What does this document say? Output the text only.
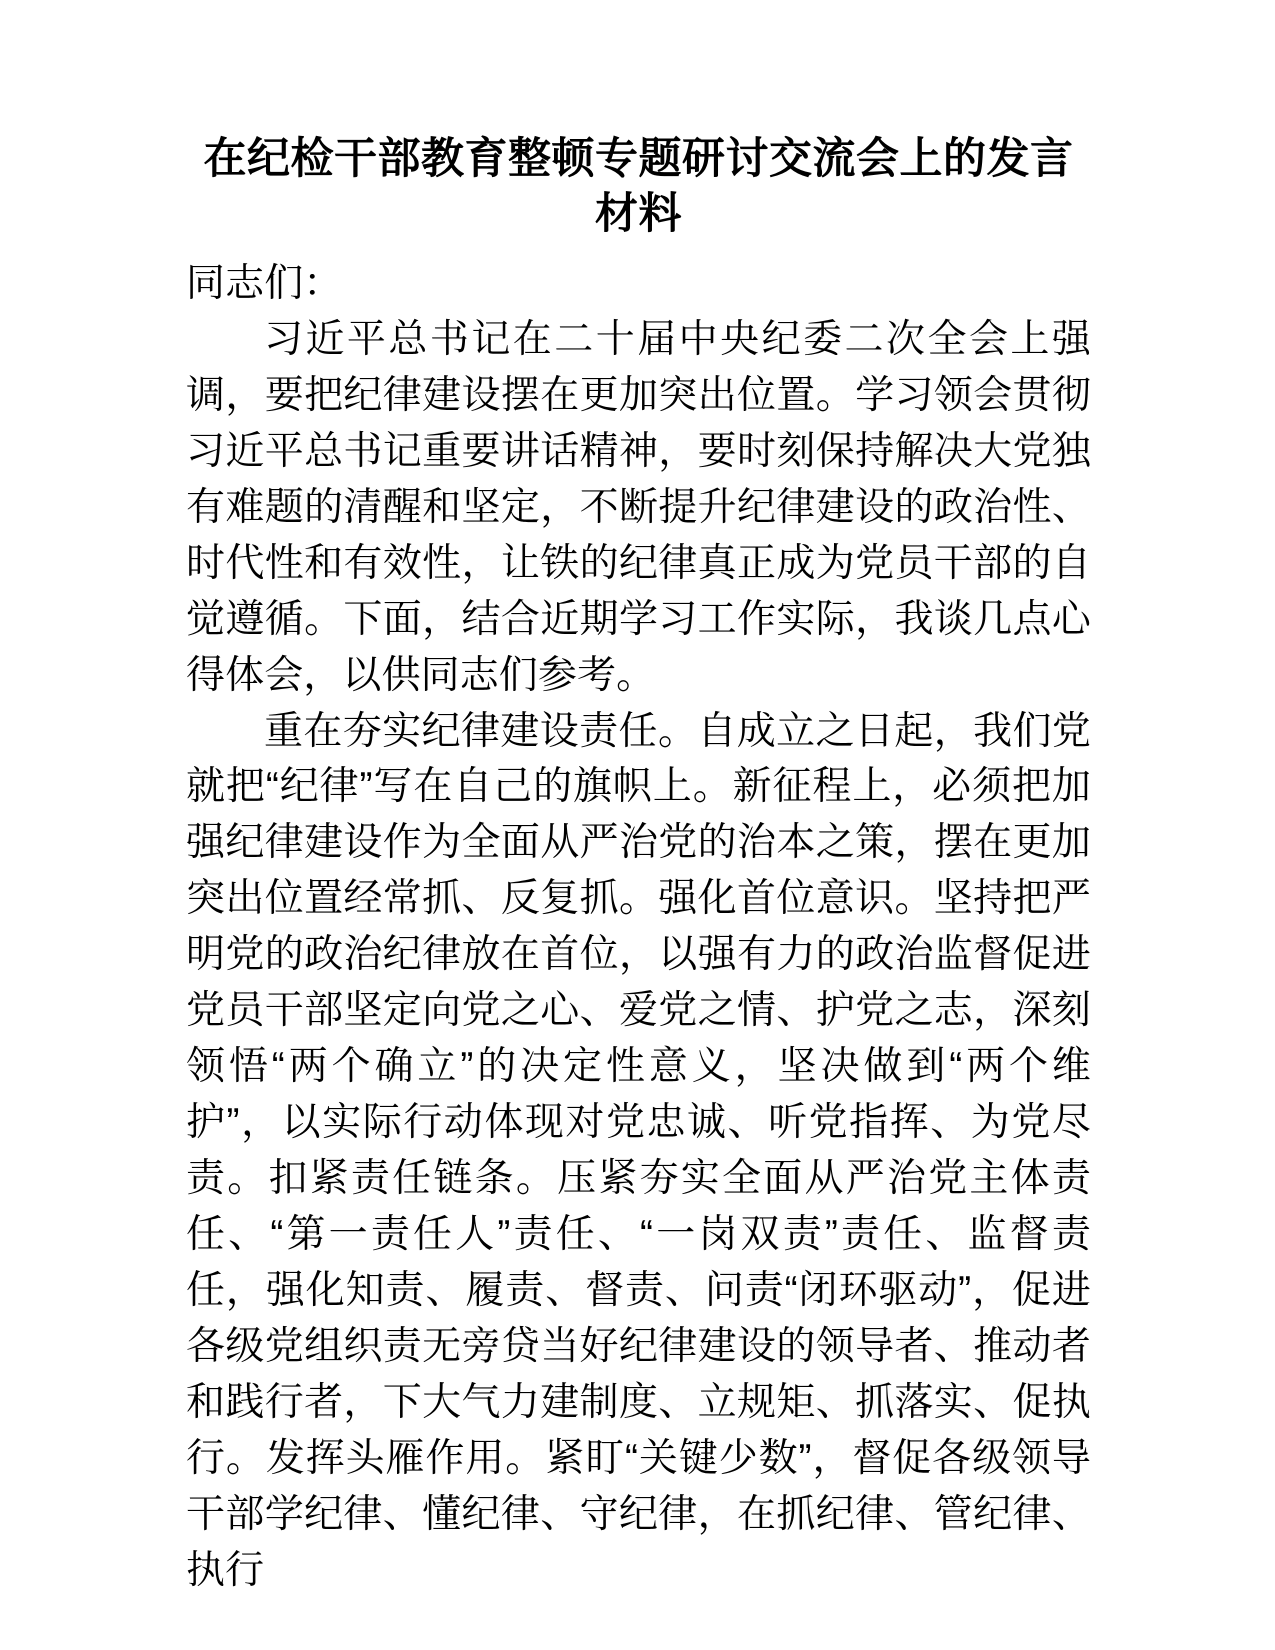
在纪检干部教育整顿专题研讨交流会上的发言材料

同志们：

习近平总书记在二十届中央纪委二次全会上强调，要把纪律建设摆在更加突出位置。学习领会贯彻习近平总书记重要讲话精神，要时刻保持解决大党独有难题的清醒和坚定，不断提升纪律建设的政治性、时代性和有效性，让铁的纪律真正成为党员干部的自觉遵循。下面，结合近期学习工作实际，我谈几点心得体会，以供同志们参考。

重在夯实纪律建设责任。自成立之日起，我们党就把“纪律”写在自己的旗帜上。新征程上，必须把加强纪律建设作为全面从严治党的治本之策，摆在更加突出位置经常抓、反复抓。强化首位意识。坚持把严明党的政治纪律放在首位，以强有力的政治监督促进党员干部坚定向党之心、爱党之情、护党之志，深刻领悟“两个确立”的决定性意义，坚决做到“两个维护”，以实际行动体现对党忠诚、听党指挥、为党尽责。扣紧责任链条。压紧夯实全面从严治党主体责任、“第一责任人”责任、“一岗双责”责任、监督责任，强化知责、履责、督责、问责“闭环驱动”，促进各级党组织责无旁贷当好纪律建设的领导者、推动者和践行者，下大气力建制度、立规矩、抓落实、促执行。发挥头雁作用。紧盯“关键少数”，督促各级领导干部学纪律、懂纪律、守纪律，在抓纪律、管纪律、执行
